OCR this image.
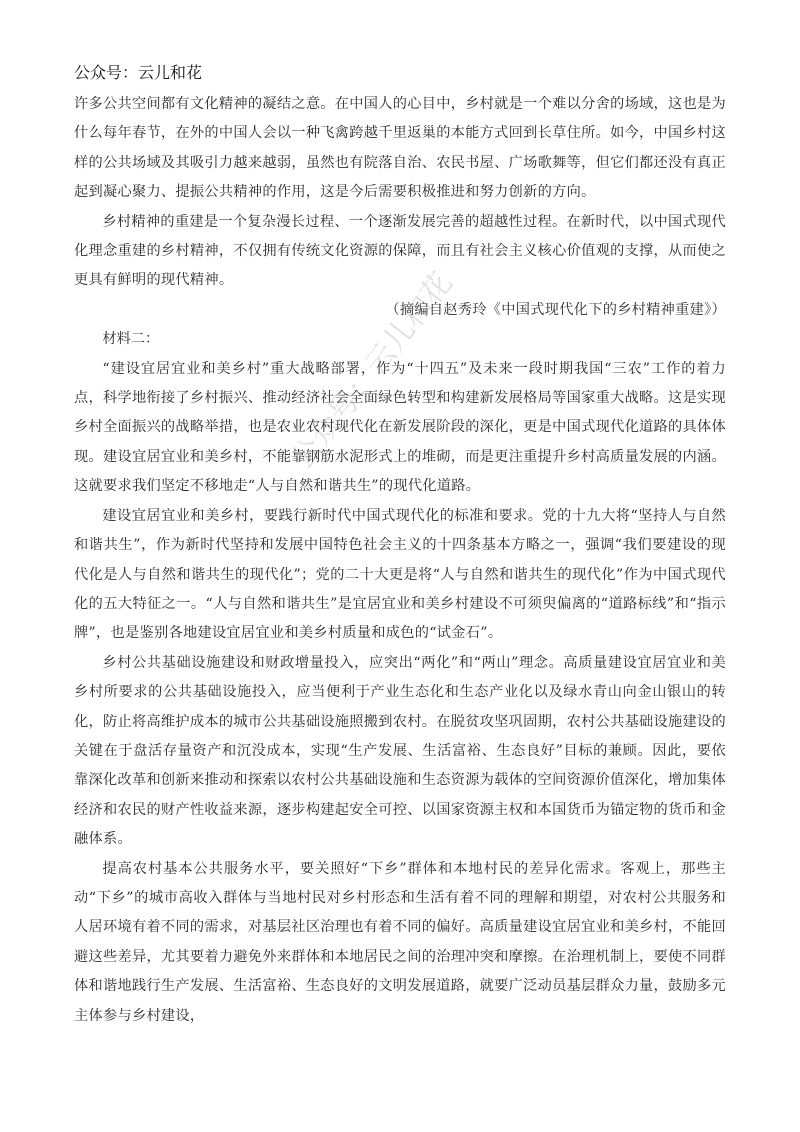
公众号：云儿和花

许多公共空间都有文化精神的凝结之意。在中国人的心目中，乡村就是一个难以分舍的场域，这也是为什么每年春节，在外的中国人会以一种飞禽跨越千里返巢的本能方式回到长草住所。如今，中国乡村这样的公共场域及其吸引力越来越弱，虽然也有院落自治、农民书屋、广场歌舞等，但它们都还没有真正起到凝心聚力、提振公共精神的作用，这是今后需要积极推进和努力创新的方向。

乡村精神的重建是一个复杂漫长过程、一个逐渐发展完善的超越性过程。在新时代，以中国式现代化理念重建的乡村精神，不仅拥有传统文化资源的保障，而且有社会主义核心价值观的支撑，从而使之更具有鲜明的现代精神。

（摘编自赵秀玲《中国式现代化下的乡村精神重建》）

材料二：

“建设宜居宜业和美乡村”重大战略部署，作为“十四五”及未来一段时期我国“三农”工作的着力点，科学地衔接了乡村振兴、推动经济社会全面绿色转型和构建新发展格局等国家重大战略。这是实现乡村全面振兴的战略举措，也是农业农村现代化在新发展阶段的深化，更是中国式现代化道路的具体体现。建设宜居宜业和美乡村，不能靠钢筋水泥形式上的堆砌，而是更注重提升乡村高质量发展的内涵。这就要求我们坚定不移地走“人与自然和谐共生”的现代化道路。

建设宜居宜业和美乡村，要践行新时代中国式现代化的标准和要求。党的十九大将“坚持人与自然和谐共生”，作为新时代坚持和发展中国特色社会主义的十四条基本方略之一，强调“我们要建设的现代化是人与自然和谐共生的现代化”；党的二十大更是将“人与自然和谐共生的现代化”作为中国式现代化的五大特征之一。“人与自然和谐共生”是宜居宜业和美乡村建设不可须臾偏离的“道路标线”和“指示牌”，也是鉴别各地建设宜居宜业和美乡村质量和成色的“试金石”。

乡村公共基础设施建设和财政增量投入，应突出“两化”和“两山”理念。高质量建设宜居宜业和美乡村所要求的公共基础设施投入，应当便利于产业生态化和生态产业化以及绿水青山向金山银山的转化，防止将高维护成本的城市公共基础设施照搬到农村。在脱贫攻坚巩固期，农村公共基础设施建设的关键在于盘活存量资产和沉没成本，实现“生产发展、生活富裕、生态良好”目标的兼顾。因此，要依靠深化改革和创新来推动和探索以农村公共基础设施和生态资源为载体的空间资源价值深化，增加集体经济和农民的财产性收益来源，逐步构建起安全可控、以国家资源主权和本国货币为锚定物的货币和金融体系。

提高农村基本公共服务水平，要关照好“下乡”群体和本地村民的差异化需求。客观上，那些主动“下乡”的城市高收入群体与当地村民对乡村形态和生活有着不同的理解和期望，对农村公共服务和人居环境有着不同的需求，对基层社区治理也有着不同的偏好。高质量建设宜居宜业和美乡村，不能回避这些差异，尤其要着力避免外来群体和本地居民之间的治理冲突和摩擦。在治理机制上，要使不同群体和谐地践行生产发展、生活富裕、生态良好的文明发展道路，就要广泛动员基层群众力量，鼓励多元主体参与乡村建设，

公众号：云儿和花
